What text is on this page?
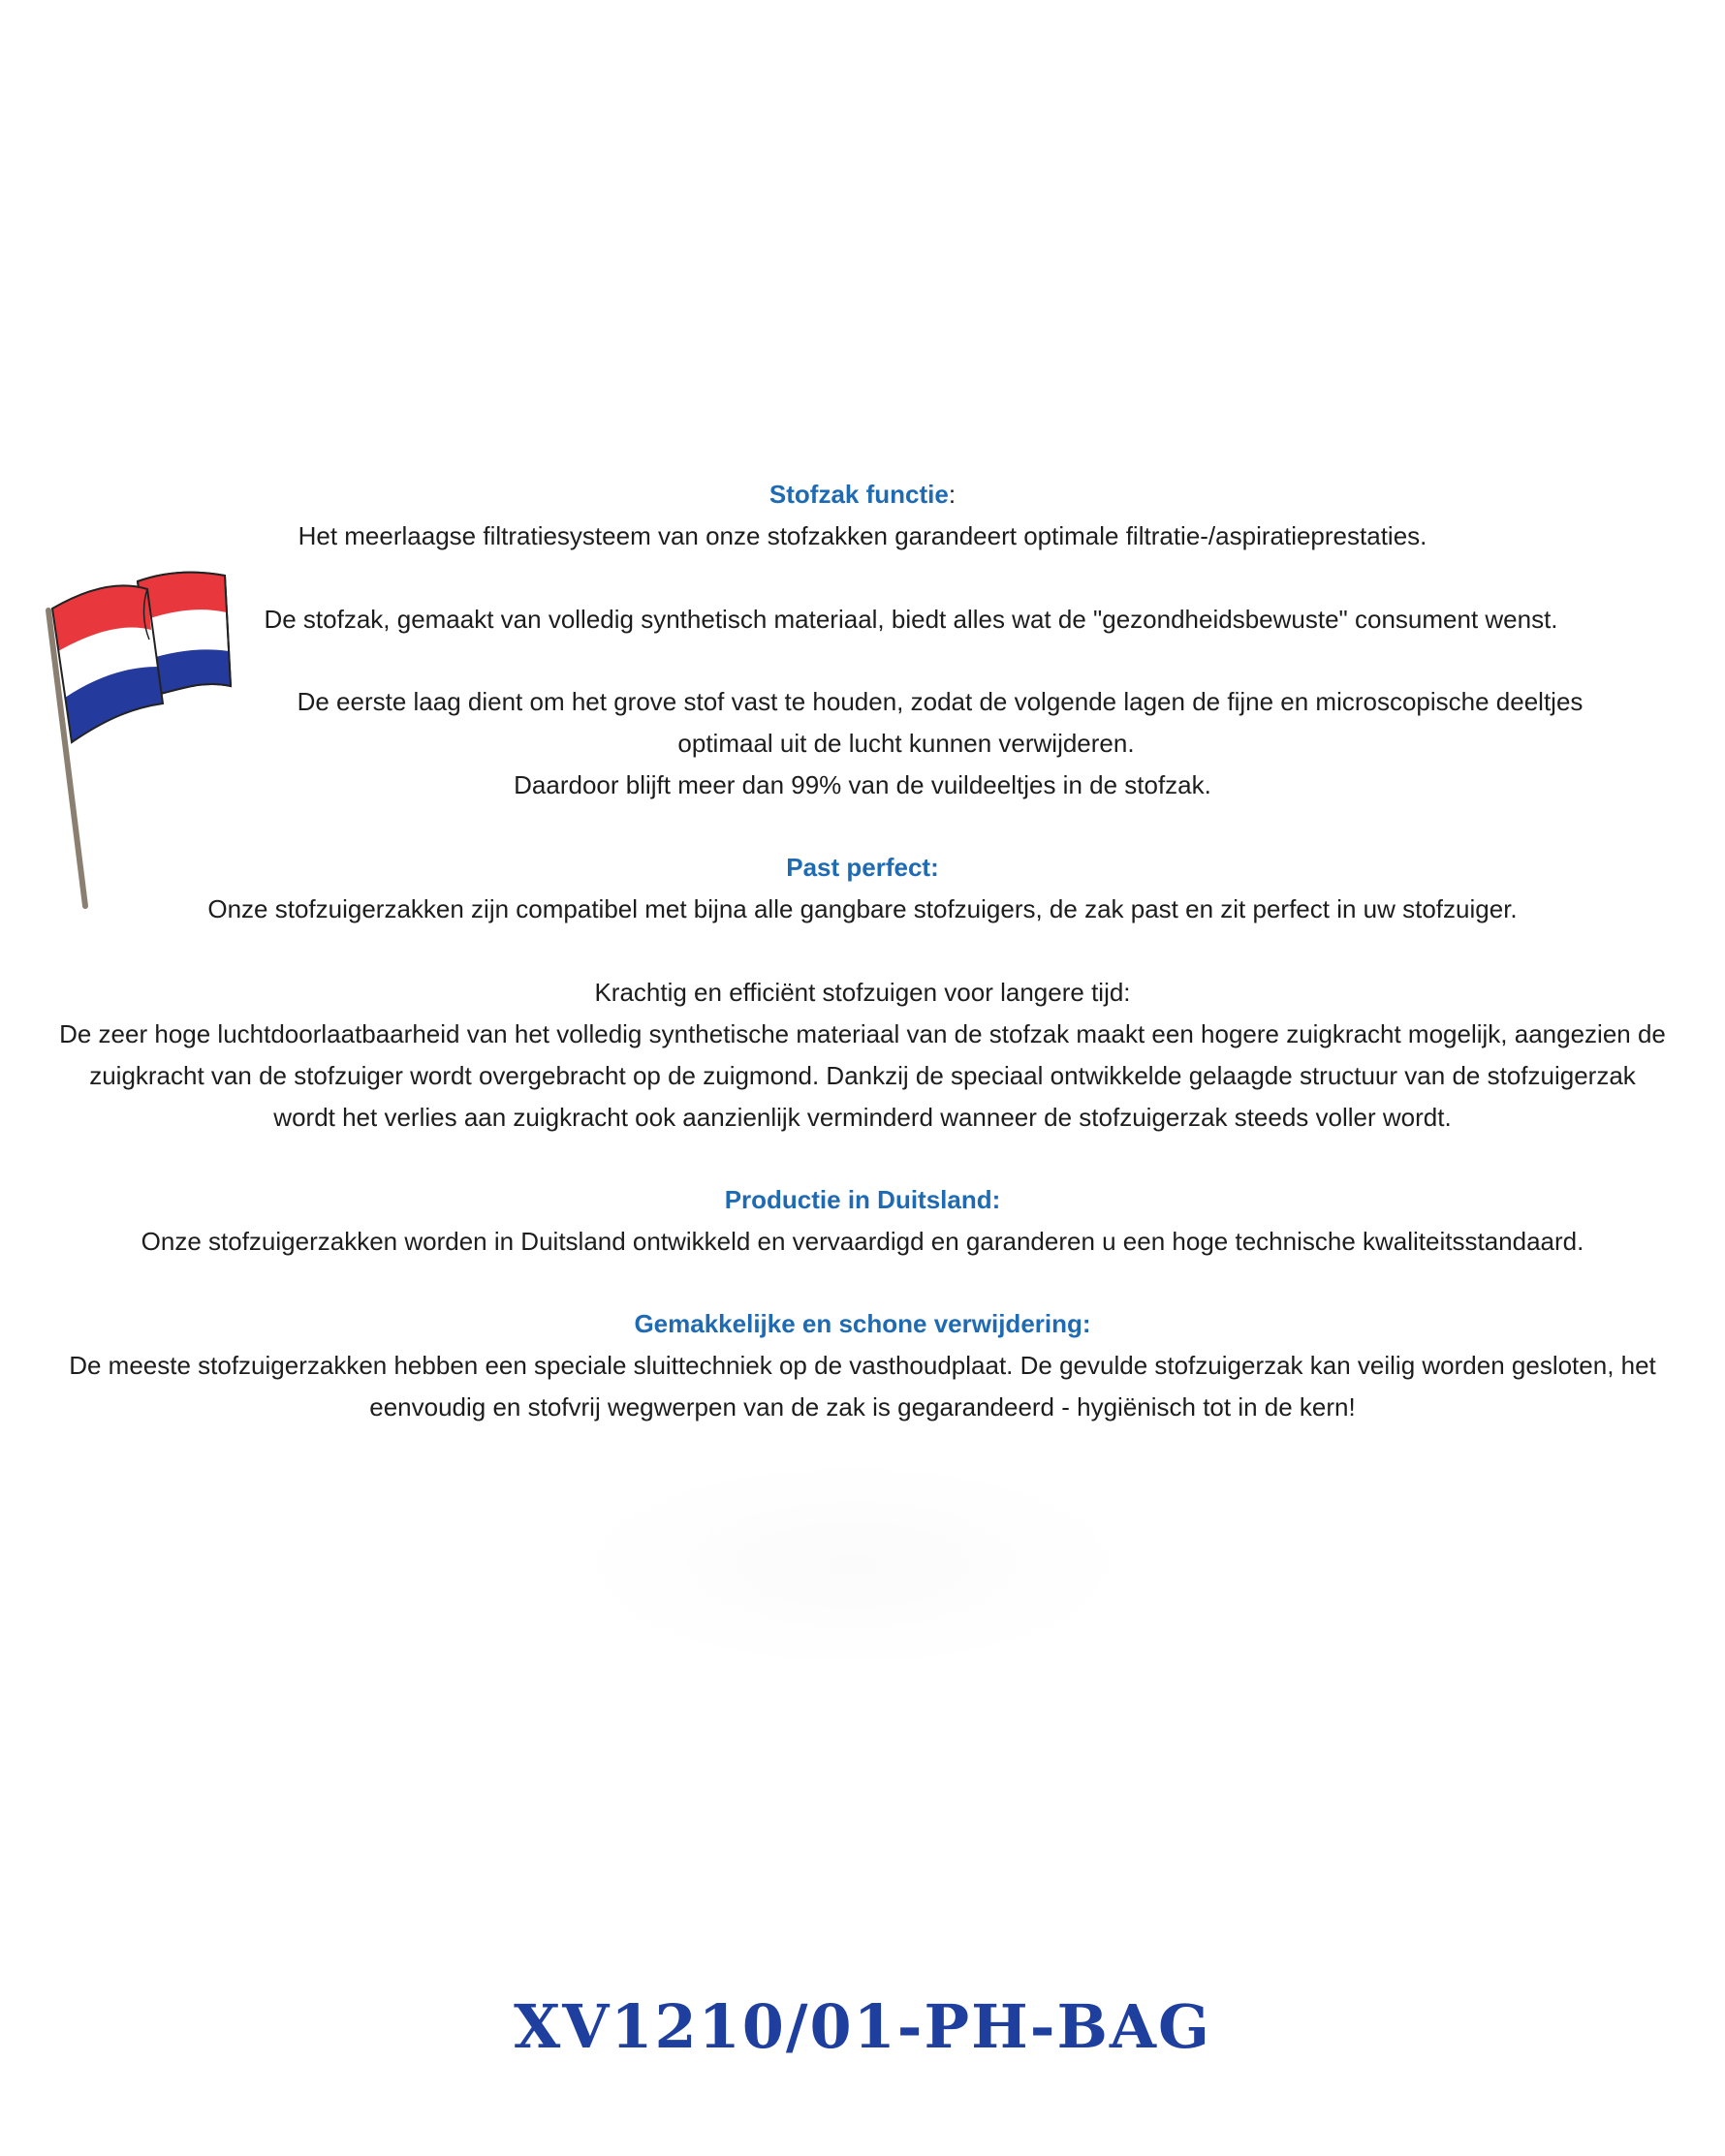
Stofzak functie:
Het meerlaagse filtratiesysteem van onze stofzakken garandeert optimale filtratie-/aspiratieprestaties.
De stofzak, gemaakt van volledig synthetisch materiaal, biedt alles wat de "gezondheidsbewuste" consument wenst.
De eerste laag dient om het grove stof vast te houden, zodat de volgende lagen de fijne en microscopische deeltjes
optimaal uit de lucht kunnen verwijderen.
Daardoor blijft meer dan 99% van de vuildeeltjes in de stofzak.
Past perfect:
Onze stofzuigerzakken zijn compatibel met bijna alle gangbare stofzuigers, de zak past en zit perfect in uw stofzuiger.
Krachtig en efficiënt stofzuigen voor langere tijd:
De zeer hoge luchtdoorlaatbaarheid van het volledig synthetische materiaal van de stofzak maakt een hogere zuigkracht mogelijk, aangezien de
zuigkracht van de stofzuiger wordt overgebracht op de zuigmond. Dankzij de speciaal ontwikkelde gelaagde structuur van de stofzuigerzak
wordt het verlies aan zuigkracht ook aanzienlijk verminderd wanneer de stofzuigerzak steeds voller wordt.
Productie in Duitsland:
Onze stofzuigerzakken worden in Duitsland ontwikkeld en vervaardigd en garanderen u een hoge technische kwaliteitsstandaard.
Gemakkelijke en schone verwijdering:
De meeste stofzuigerzakken hebben een speciale sluittechniek op de vasthoudplaat. De gevulde stofzuigerzak kan veilig worden gesloten, het
eenvoudig en stofvrij wegwerpen van de zak is gegarandeerd - hygiënisch tot in de kern!
XV1210/01-PH-BAG
